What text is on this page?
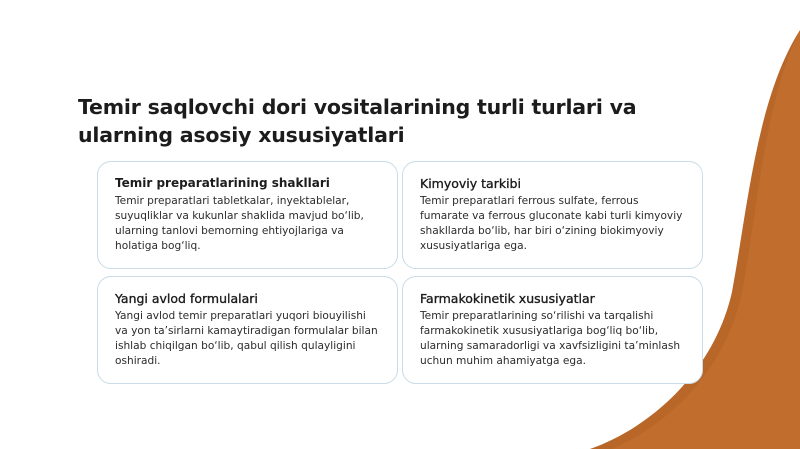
Temir saqlovchi dori vositalarining turli turlari va ularning asosiy xususiyatlari

Temir preparatlarining shakllari

Temir preparatlari tabletkalar, inyektablelar, suyuqliklar va kukunlar shaklida mavjud bo‘lib, ularning tanlovi bemorning ehtiyojlariga va holatiga bog‘liq.

Kimyoviy tarkibi

Temir preparatlari ferrous sulfate, ferrous fumarate va ferrous gluconate kabi turli kimyoviy shakllarda bo‘lib, har biri o‘zining biokimyoviy xususiyatlariga ega.

Yangi avlod formulalari

Yangi avlod temir preparatlari yuqori biouyilishi va yon ta’sirlarni kamaytiradigan formulalar bilan ishlab chiqilgan bo‘lib, qabul qilish qulayligini oshiradi.

Farmakokinetik xususiyatlar

Temir preparatlarining so‘rilishi va tarqalishi farmakokinetik xususiyatlariga bog‘liq bo‘lib, ularning samaradorligi va xavfsizligini ta’minlash uchun muhim ahamiyatga ega.
